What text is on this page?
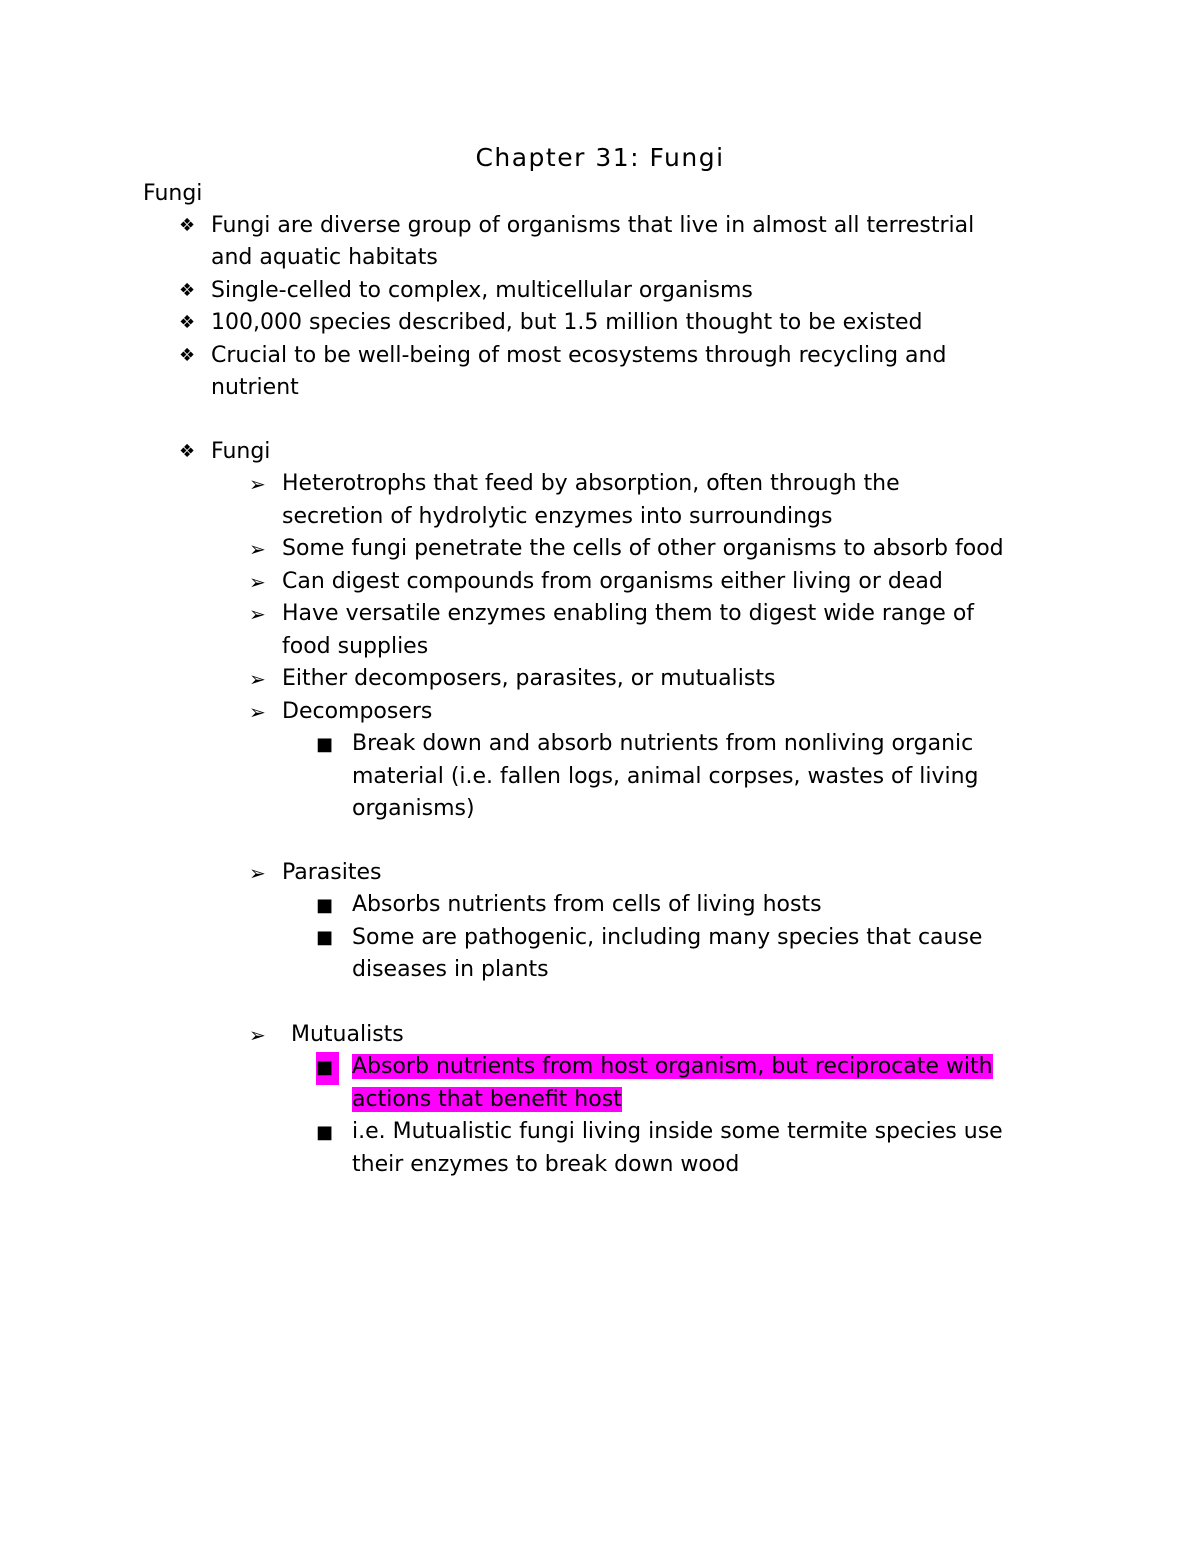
Chapter 31: Fungi
Fungi
❖ Fungi are diverse group of organisms that live in almost all terrestrial
and aquatic habitats
❖ Single-celled to complex, multicellular organisms
❖ 100,000 species described, but 1.5 million thought to be existed
❖ Crucial to be well-being of most ecosystems through recycling and
nutrient
❖ Fungi
➢ Heterotrophs that feed by absorption, often through the
secretion of hydrolytic enzymes into surroundings
➢ Some fungi penetrate the cells of other organisms to absorb food
➢ Can digest compounds from organisms either living or dead
➢ Have versatile enzymes enabling them to digest wide range of
food supplies
➢ Either decomposers, parasites, or mutualists
➢ Decomposers
■ Break down and absorb nutrients from nonliving organic
material (i.e. fallen logs, animal corpses, wastes of living
organisms)
➢ Parasites
■ Absorbs nutrients from cells of living hosts
■ Some are pathogenic, including many species that cause
diseases in plants
➢ Mutualists
■ Absorb nutrients from host organism, but reciprocate with
actions that benefit host
■ i.e. Mutualistic fungi living inside some termite species use
their enzymes to break down wood
